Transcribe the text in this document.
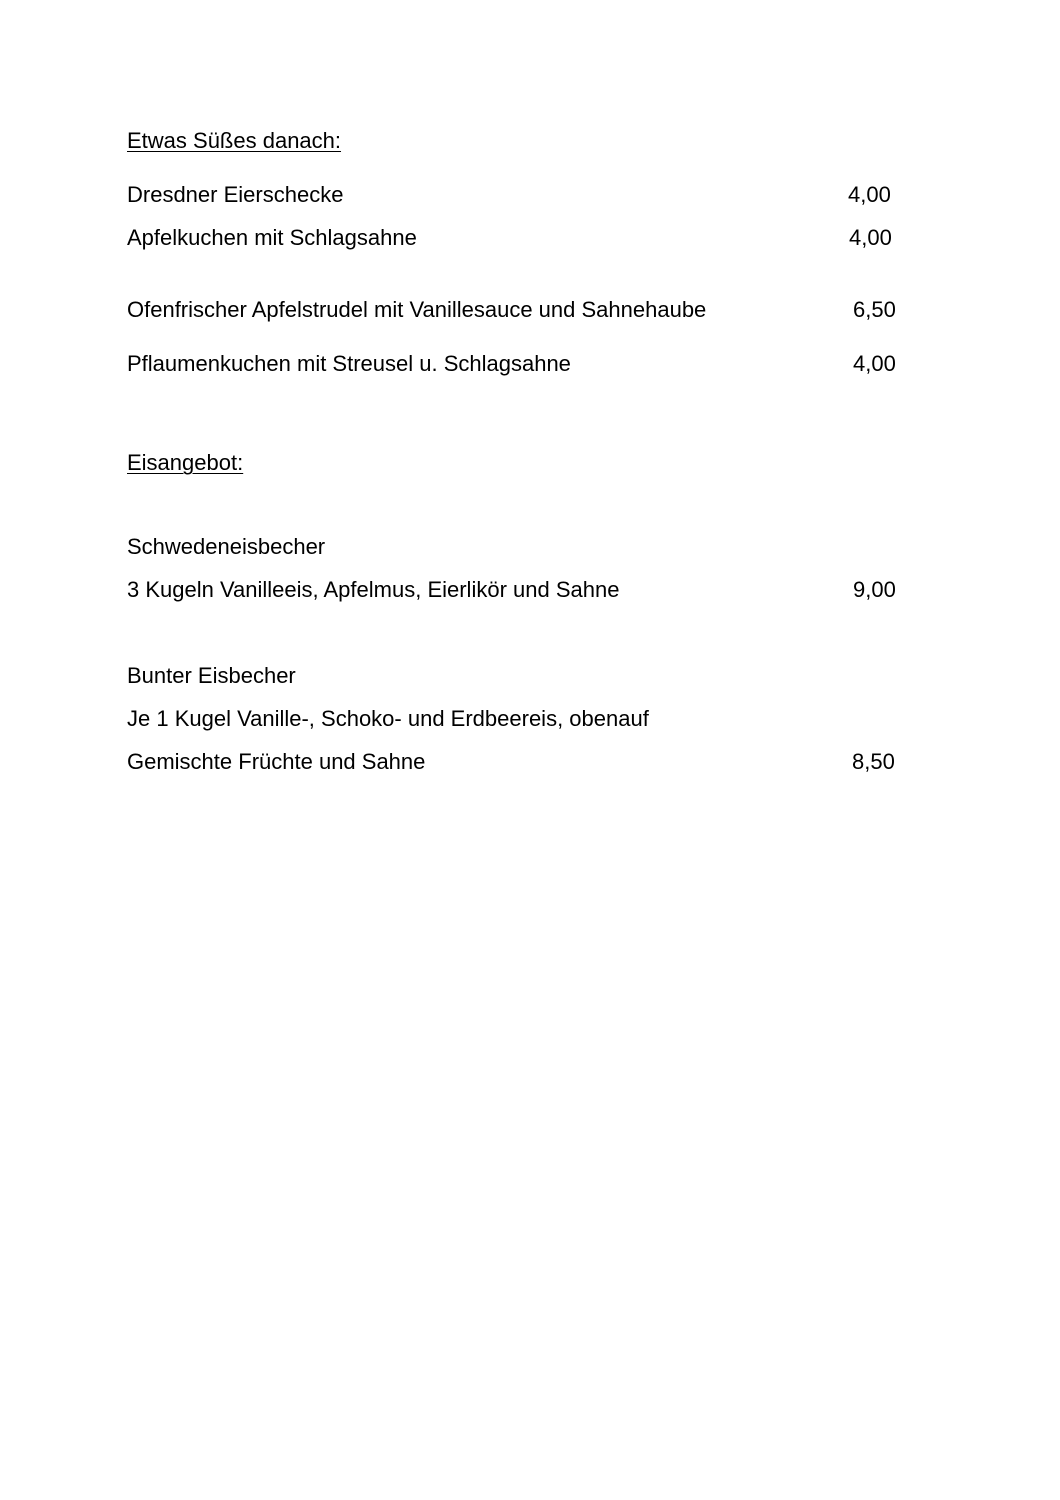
Etwas Süßes danach:
Dresdner Eierschecke	4,00
Apfelkuchen mit Schlagsahne	4,00
Ofenfrischer Apfelstrudel mit Vanillesauce und Sahnehaube	6,50
Pflaumenkuchen mit Streusel u. Schlagsahne	4,00
Eisangebot:
Schwedeneisbecher
3 Kugeln Vanilleeis, Apfelmus, Eierlikör und Sahne	9,00
Bunter Eisbecher
Je 1 Kugel Vanille-, Schoko- und Erdbeereis, obenauf
Gemischte Früchte und Sahne	8,50
